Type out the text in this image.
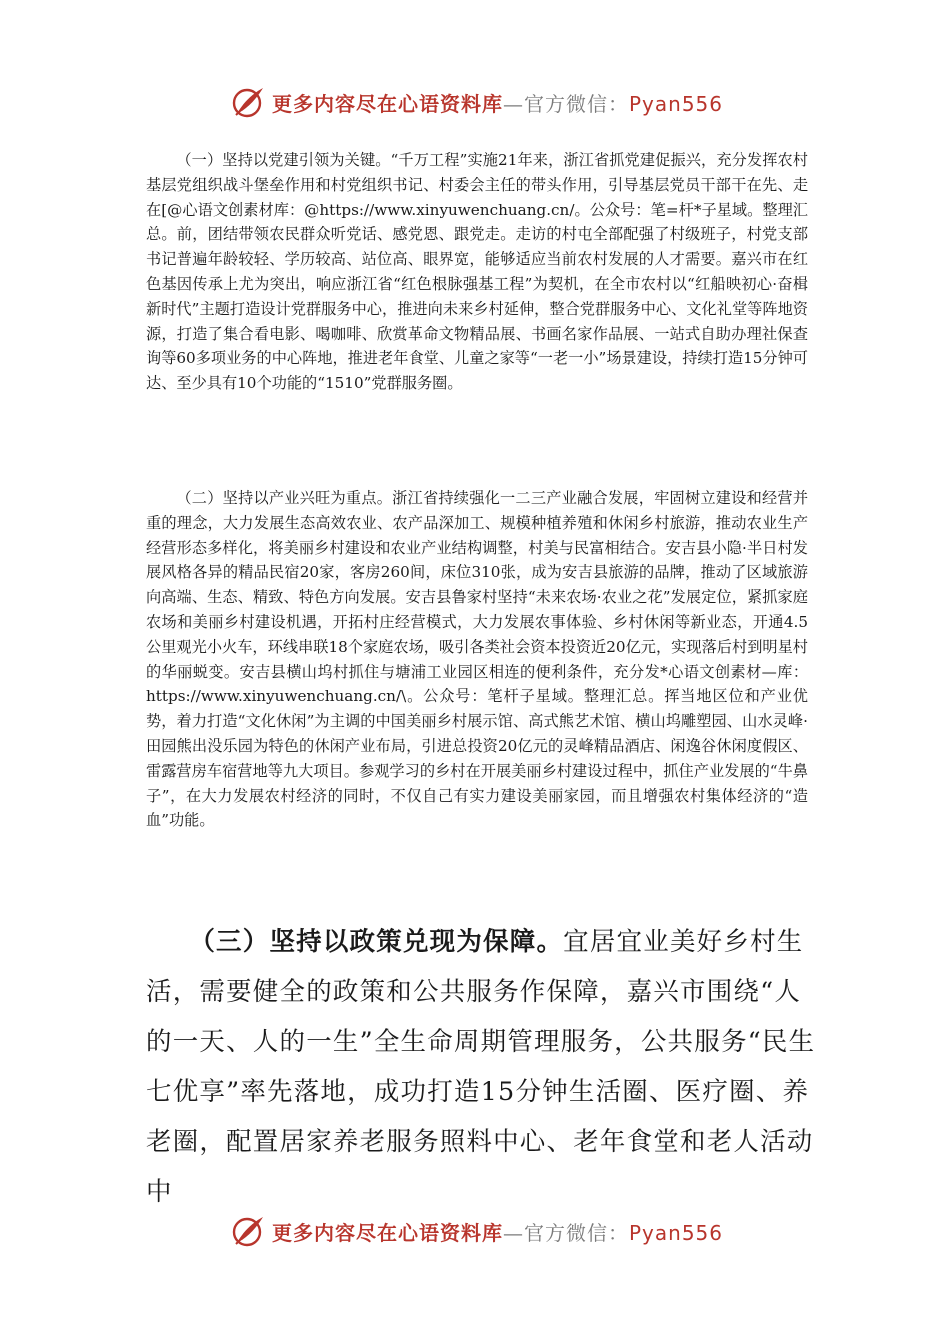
更多内容尽在心语资料库—官方微信：Pyan556

（一）坚持以党建引领为关键。“千万工程”实施21年来，浙江省抓党建促振兴，充分发挥农村基层党组织战斗堡垒作用和村党组织书记、村委会主任的带头作用，引导基层党员干部干在先、走在[@心语文创素材库：@https://www.xinyuwenchuang.cn/。公众号：笔=杆*子星域。整理汇总。前，团结带领农民群众听党话、感党恩、跟党走。走访的村屯全部配强了村级班子，村党支部书记普遍年龄较轻、学历较高、站位高、眼界宽，能够适应当前农村发展的人才需要。嘉兴市在红色基因传承上尤为突出，响应浙江省“红色根脉强基工程”为契机，在全市农村以“红船映初心·奋楫新时代”主题打造设计党群服务中心，推进向未来乡村延伸，整合党群服务中心、文化礼堂等阵地资源，打造了集合看电影、喝咖啡、欣赏革命文物精品展、书画名家作品展、一站式自助办理社保查询等60多项业务的中心阵地，推进老年食堂、儿童之家等“一老一小”场景建设，持续打造15分钟可达、至少具有10个功能的“1510”党群服务圈。

（二）坚持以产业兴旺为重点。浙江省持续强化一二三产业融合发展，牢固树立建设和经营并重的理念，大力发展生态高效农业、农产品深加工、规模种植养殖和休闲乡村旅游，推动农业生产经营形态多样化，将美丽乡村建设和农业产业结构调整，村美与民富相结合。安吉县小隐·半日村发展风格各异的精品民宿20家，客房260间，床位310张，成为安吉县旅游的品牌，推动了区域旅游向高端、生态、精致、特色方向发展。安吉县鲁家村坚持“未来农场·农业之花”发展定位，紧抓家庭农场和美丽乡村建设机遇，开拓村庄经营模式，大力发展农事体验、乡村休闲等新业态，开通4.5公里观光小火车，环线串联18个家庭农场，吸引各类社会资本投资近20亿元，实现落后村到明星村的华丽蜕变。安吉县横山坞村抓住与塘浦工业园区相连的便利条件，充分发*心语文创素材—库：https://www.xinyuwenchuang.cn/\。公众号：笔杆子星域。整理汇总。挥当地区位和产业优势，着力打造“文化休闲”为主调的中国美丽乡村展示馆、高式熊艺术馆、横山坞雕塑园、山水灵峰·田园熊出没乐园为特色的休闲产业布局，引进总投资20亿元的灵峰精品酒店、闲逸谷休闲度假区、雷露营房车宿营地等九大项目。参观学习的乡村在开展美丽乡村建设过程中，抓住产业发展的“牛鼻子”，在大力发展农村经济的同时，不仅自己有实力建设美丽家园，而且增强农村集体经济的“造血”功能。

（三）坚持以政策兑现为保障。宜居宜业美好乡村生活，需要健全的政策和公共服务作保障，嘉兴市围绕“人的一天、人的一生”全生命周期管理服务，公共服务“民生七优享”率先落地，成功打造15分钟生活圈、医疗圈、养老圈，配置居家养老服务照料中心、老年食堂和老人活动中

更多内容尽在心语资料库—官方微信：Pyan556
